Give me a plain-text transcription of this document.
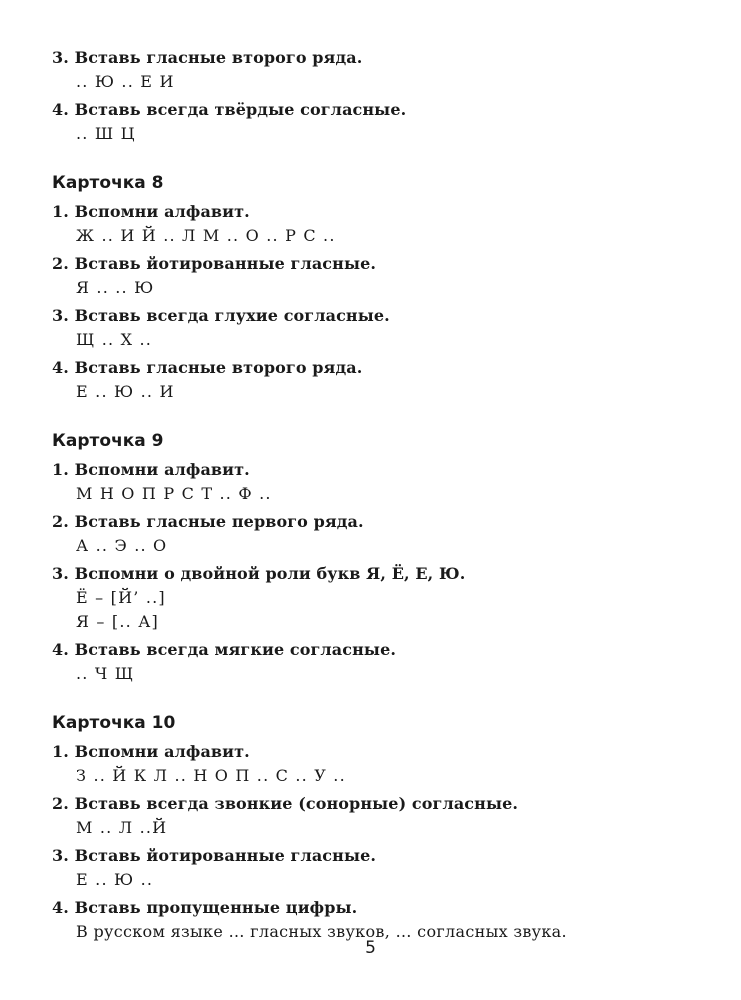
3. Вставь гласные второго ряда.
.. Ю .. Е И
4. Вставь всегда твёрдые согласные.
.. Ш Ц
Карточка 8
1. Вспомни алфавит.
Ж .. И Й .. Л М .. О .. Р С ..
2. Вставь йотированные гласные.
Я .. .. Ю
3. Вставь всегда глухие согласные.
Щ .. Х ..
4. Вставь гласные второго ряда.
Е .. Ю .. И
Карточка 9
1. Вспомни алфавит.
М Н О П Р С Т .. Ф ..
2. Вставь гласные первого ряда.
А .. Э .. О
3. Вспомни о двойной роли букв Я, Ё, Е, Ю.
Ё – [Й’ ..]
Я – [.. А]
4. Вставь всегда мягкие согласные.
.. Ч Щ
Карточка 10
1. Вспомни алфавит.
З .. Й К Л .. Н О П .. С .. У ..
2. Вставь всегда звонкие (сонорные) согласные.
М .. Л ..Й
3. Вставь йотированные гласные.
Е .. Ю ..
4. Вставь пропущенные цифры.
В русском языке … гласных звуков, … согласных звука.
5
